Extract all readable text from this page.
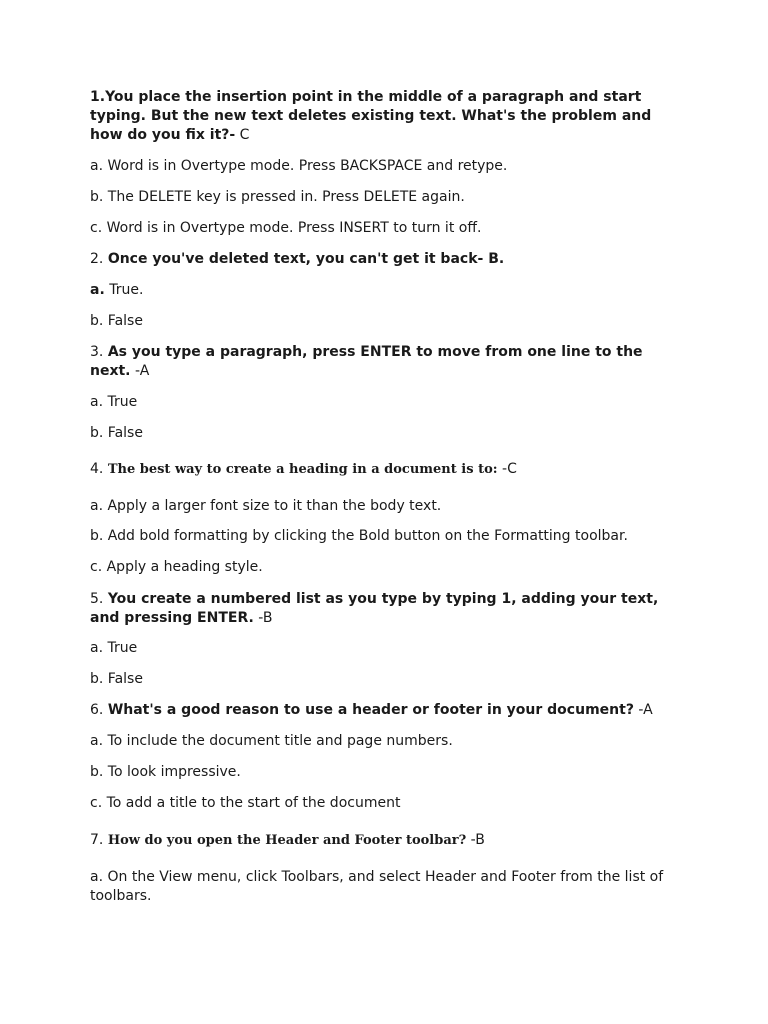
1.You place the insertion point in the middle of a paragraph and start typing. But the new text deletes existing text. What's the problem and how do you fix it?- C
a. Word is in Overtype mode. Press BACKSPACE and retype.
b. The DELETE key is pressed in. Press DELETE again.
c. Word is in Overtype mode. Press INSERT to turn it off.
2. Once you've deleted text, you can't get it back- B.
a. True.
b. False
3. As you type a paragraph, press ENTER to move from one line to the next. -A
a. True
b. False
4. The best way to create a heading in a document is to: -C
a. Apply a larger font size to it than the body text.
b. Add bold formatting by clicking the Bold button on the Formatting toolbar.
c. Apply a heading style.
5. You create a numbered list as you type by typing 1, adding your text, and pressing ENTER. -B
a. True
b. False
6. What's a good reason to use a header or footer in your document? -A
a. To include the document title and page numbers.
b. To look impressive.
c. To add a title to the start of the document
7. How do you open the Header and Footer toolbar? -B
a. On the View menu, click Toolbars, and select Header and Footer from the list of toolbars.
